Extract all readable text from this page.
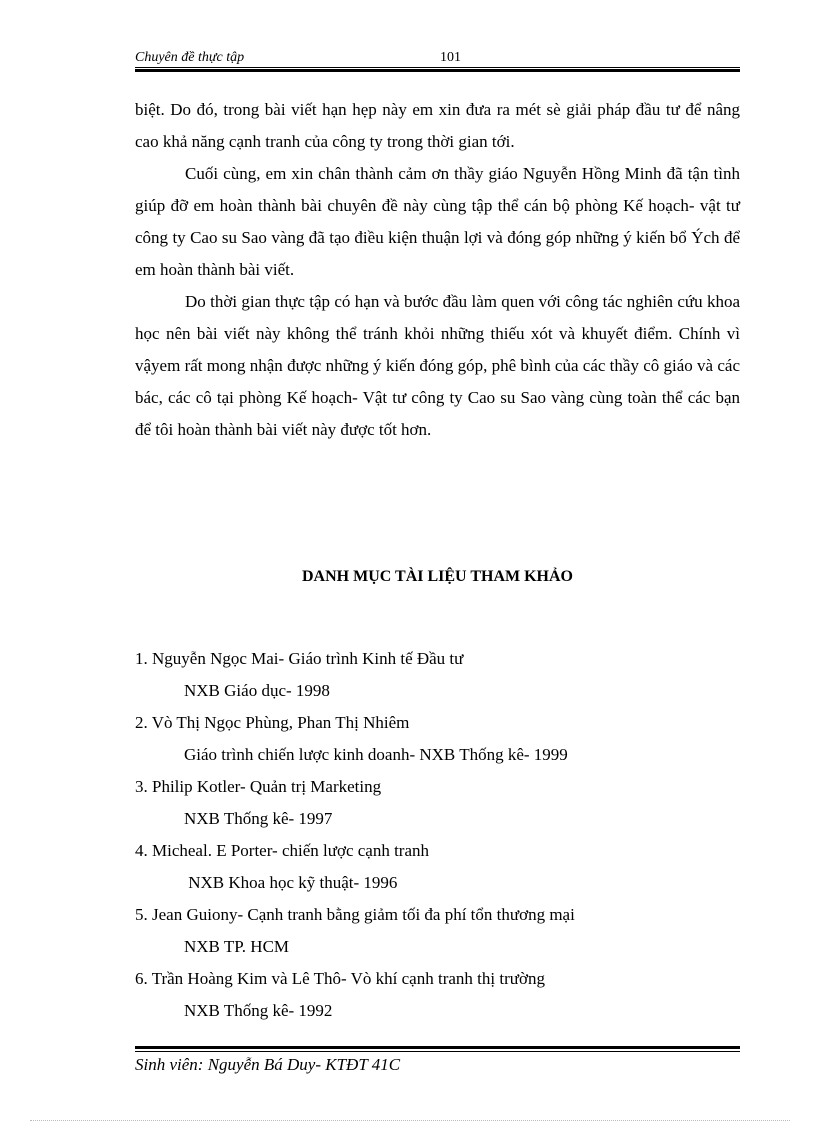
Chuyên đề thực tập	101

biệt. Do đó, trong bài viết hạn hẹp này em xin đưa ra mét sè giải pháp đầu tư để nâng cao khả năng cạnh tranh của công ty trong thời gian tới.

Cuối cùng, em xin chân thành cảm ơn thầy giáo Nguyễn Hồng Minh đã tận tình giúp đỡ em hoàn thành bài chuyên đề này cùng tập thể cán bộ phòng Kế hoạch- vật tư công ty Cao su Sao vàng đã tạo điều kiện thuận lợi và đóng góp những ý kiến bổ Ých để em hoàn thành bài viết.

Do thời gian thực tập có hạn và bước đầu làm quen với công tác nghiên cứu khoa học nên bài viết này không thể tránh khỏi những thiếu xót và khuyết điểm. Chính vì vậyem rất mong nhận được những ý kiến đóng góp, phê bình của các thầy cô giáo và các bác, các cô tại phòng Kế hoạch- Vật tư công ty Cao su Sao vàng cùng toàn thể các bạn để tôi hoàn thành bài viết này được tốt hơn.

DANH MỤC TÀI LIỆU THAM KHẢO
1. Nguyễn Ngọc Mai- Giáo trình Kinh tế Đầu tư
NXB Giáo dục- 1998
2. Vò Thị Ngọc Phùng, Phan Thị Nhiêm
Giáo trình chiến lược kinh doanh- NXB Thống kê- 1999
3. Philip Kotler- Quản trị Marketing
NXB Thống kê- 1997
4. Micheal. E Porter- chiến lược cạnh tranh
NXB Khoa học kỹ thuật- 1996
5. Jean Guiony- Cạnh tranh bằng giảm tối đa phí tổn thương mại
NXB TP. HCM
6. Trần Hoàng Kim và Lê Thô- Vò khí cạnh tranh thị trường
NXB Thống kê- 1992
Sinh viên: Nguyễn Bá Duy- KTĐT 41C
